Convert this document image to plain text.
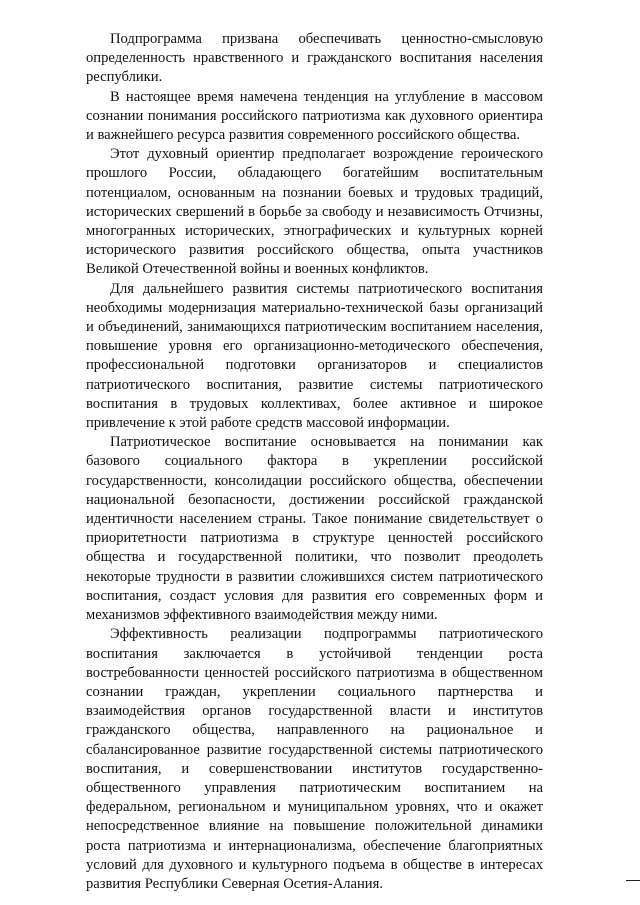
Подпрограмма призвана обеспечивать ценностно-смысловую определенность нравственного и гражданского воспитания населения республики.

В настоящее время намечена тенденция на углубление в массовом сознании понимания российского патриотизма как духовного ориентира и важнейшего ресурса развития современного российского общества.

Этот духовный ориентир предполагает возрождение героического прошлого России, обладающего богатейшим воспитательным потенциалом, основанным на познании боевых и трудовых традиций, исторических свершений в борьбе за свободу и независимость Отчизны, многогранных исторических, этнографических и культурных корней исторического развития российского общества, опыта участников Великой Отечественной войны и военных конфликтов.

Для дальнейшего развития системы патриотического воспитания необходимы модернизация материально-технической базы организаций и объединений, занимающихся патриотическим воспитанием населения, повышение уровня его организационно-методического обеспечения, профессиональной подготовки организаторов и специалистов патриотического воспитания, развитие системы патриотического воспитания в трудовых коллективах, более активное и широкое привлечение к этой работе средств массовой информации.

Патриотическое воспитание основывается на понимании как базового социального фактора в укреплении российской государственности, консолидации российского общества, обеспечении национальной безопасности, достижении российской гражданской идентичности населением страны. Такое понимание свидетельствует о приоритетности патриотизма в структуре ценностей российского общества и государственной политики, что позволит преодолеть некоторые трудности в развитии сложившихся систем патриотического воспитания, создаст условия для развития его современных форм и механизмов эффективного взаимодействия между ними.

Эффективность реализации подпрограммы патриотического воспитания заключается в устойчивой тенденции роста востребованности ценностей российского патриотизма в общественном сознании граждан, укреплении социального партнерства и взаимодействия органов государственной власти и институтов гражданского общества, направленного на рациональное и сбалансированное развитие государственной системы патриотического воспитания, и совершенствовании институтов государственно-общественного управления патриотическим воспитанием на федеральном, региональном и муниципальном уровнях, что и окажет непосредственное влияние на повышение положительной динамики роста патриотизма и интернационализма, обеспечение благоприятных условий для духовного и культурного подъема в обществе в интересах развития Республики Северная Осетия-Алания.
